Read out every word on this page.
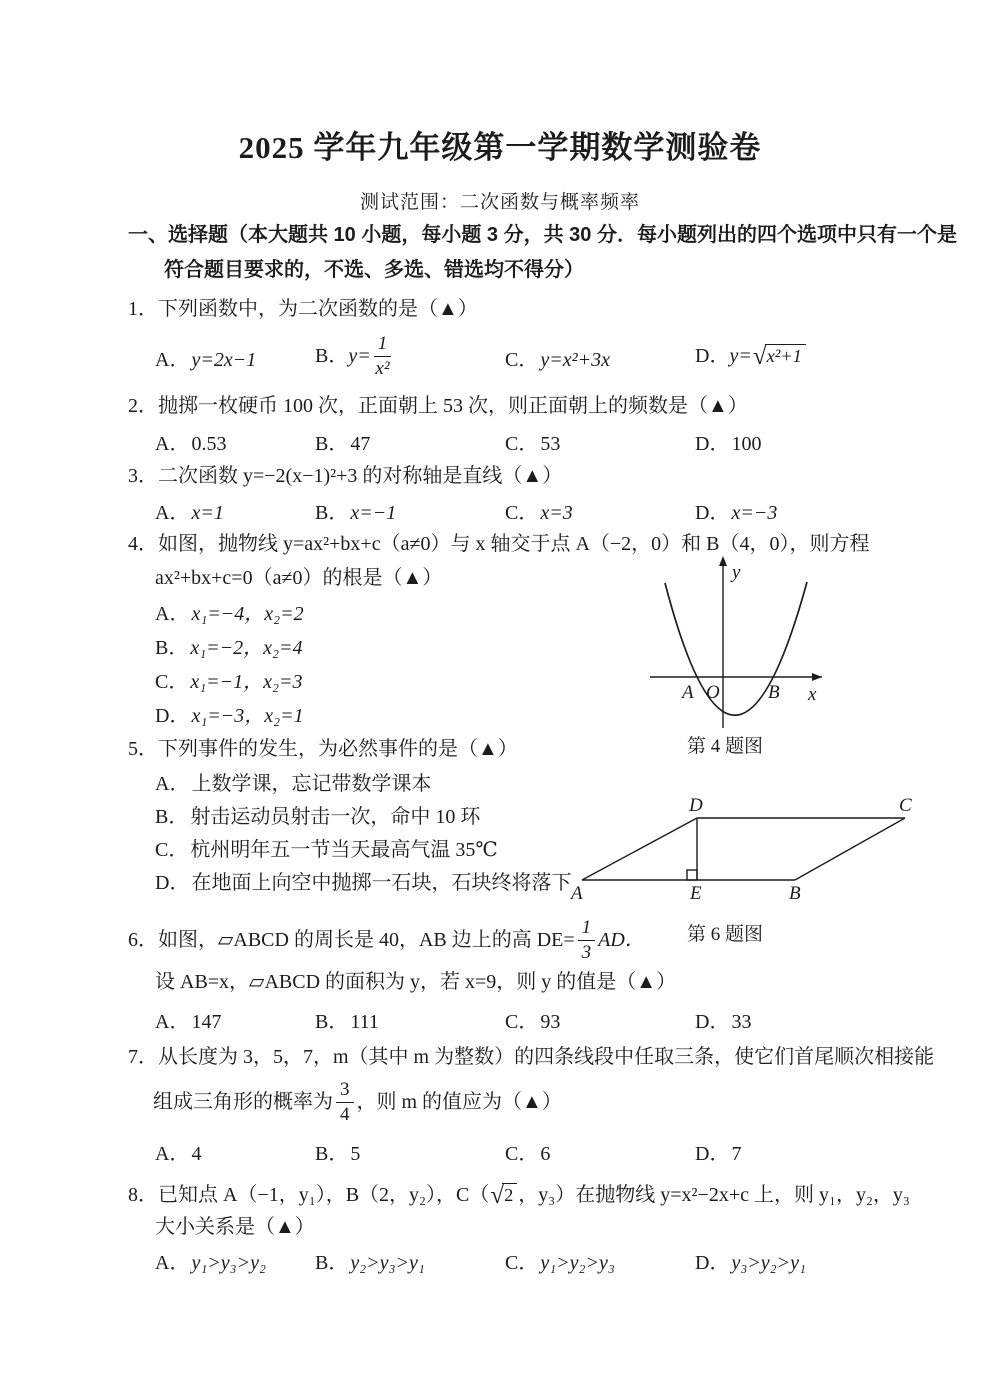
2025 学年九年级第一学期数学测验卷
测试范围：二次函数与概率频率
一、选择题（本大题共 10 小题，每小题 3 分，共 30 分．每小题列出的四个选项中只有一个是
符合题目要求的，不选、多选、错选均不得分）
1．下列函数中，为二次函数的是（▲）
A． y=2x−1	B． $y= \frac{1}{\text{x²}}$	C． y=x²+3x	D． y= √ x²+1
2．抛掷一枚硬币 100 次，正面朝上 53 次，则正面朝上的频数是（▲）
A． 0.53	B． 47	C． 53	D． 100
3．二次函数 y=−2(x−1)²+3 的对称轴是直线（▲）
A． x=1	B． x=−1	C． x=3	D． x=−3
4．如图，抛物线 y=ax²+bx+c（a≠0）与 x 轴交于点 A（−2，0）和 B（4，0），则方程
ax²+bx+c=0（a≠0）的根是（▲）
A． x₁=−4，x₂=2
B． x₁=−2，x₂=4
C． x₁=−1，x₂=3
D． x₁=−3，x₂=1
y
x
A O	B
第 4 题图
5．下列事件的发生，为必然事件的是（▲）
A． 上数学课，忘记带数学课本
B． 射击运动员射击一次，命中 10 环
C． 杭州明年五一节当天最高气温 35℃
D． 在地面上向空中抛掷一石块，石块终将落下 A	E	B
D	C
6．如图，▱ABCD 的周长是 40，AB 边上的高 $DE= \frac{1}{3}$ AD．	第 6 题图
设 AB=x，▱ABCD 的面积为 y，若 x=9，则 y 的值是（▲）
A． 147	B． 111	C． 93	D． 33
7．从长度为 3，5，7，m（其中 m 为整数）的四条线段中任取三条，使它们首尾顺次相接能
组成三角形的概率为 $\frac{3}{4}$ ，则 m 的值应为（▲）
A． 4	B． 5	C． 6	D． 7
8．已知点 A（−1，y₁），B（2，y₂），C（ √ 2 ，y₃）在抛物线 y=x²−2x+c 上，则 y₁，y₂，y₃
大小关系是（▲）
A． y₁>y₃>y₂ B． y₂>y₃>y₁	C． y₁>y₂>y₃	D． y₃>y₂>y₁
